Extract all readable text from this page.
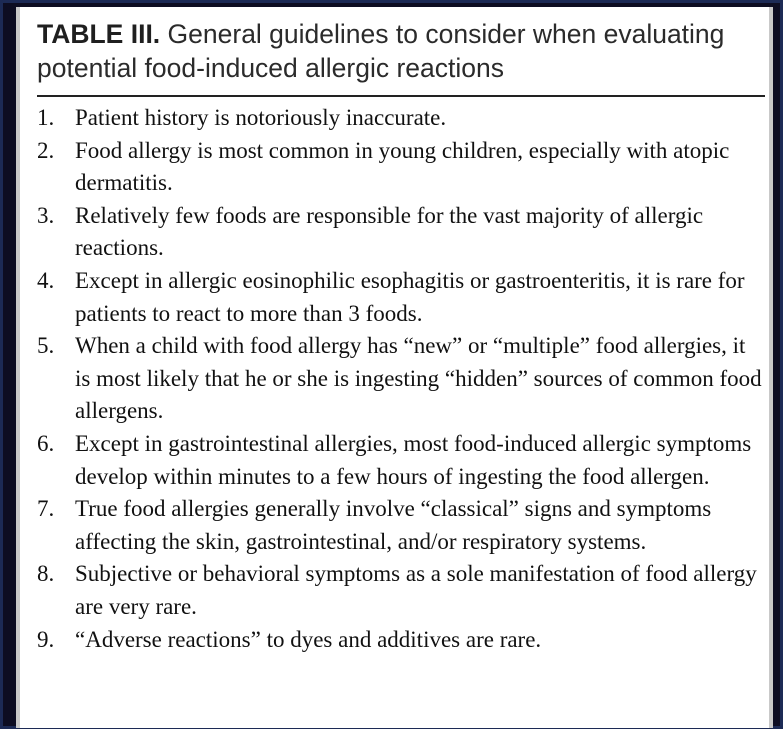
TABLE III. General guidelines to consider when evaluating potential food-induced allergic reactions

1. Patient history is notoriously inaccurate.
2. Food allergy is most common in young children, especially with atopic dermatitis.
3. Relatively few foods are responsible for the vast majority of allergic reactions.
4. Except in allergic eosinophilic esophagitis or gastroenteritis, it is rare for patients to react to more than 3 foods.
5. When a child with food allergy has “new” or “multiple” food allergies, it is most likely that he or she is ingesting “hidden” sources of common food allergens.
6. Except in gastrointestinal allergies, most food-induced allergic symptoms develop within minutes to a few hours of ingesting the food allergen.
7. True food allergies generally involve “classical” signs and symptoms affecting the skin, gastrointestinal, and/or respiratory systems.
8. Subjective or behavioral symptoms as a sole manifestation of food allergy are very rare.
9. “Adverse reactions” to dyes and additives are rare.
